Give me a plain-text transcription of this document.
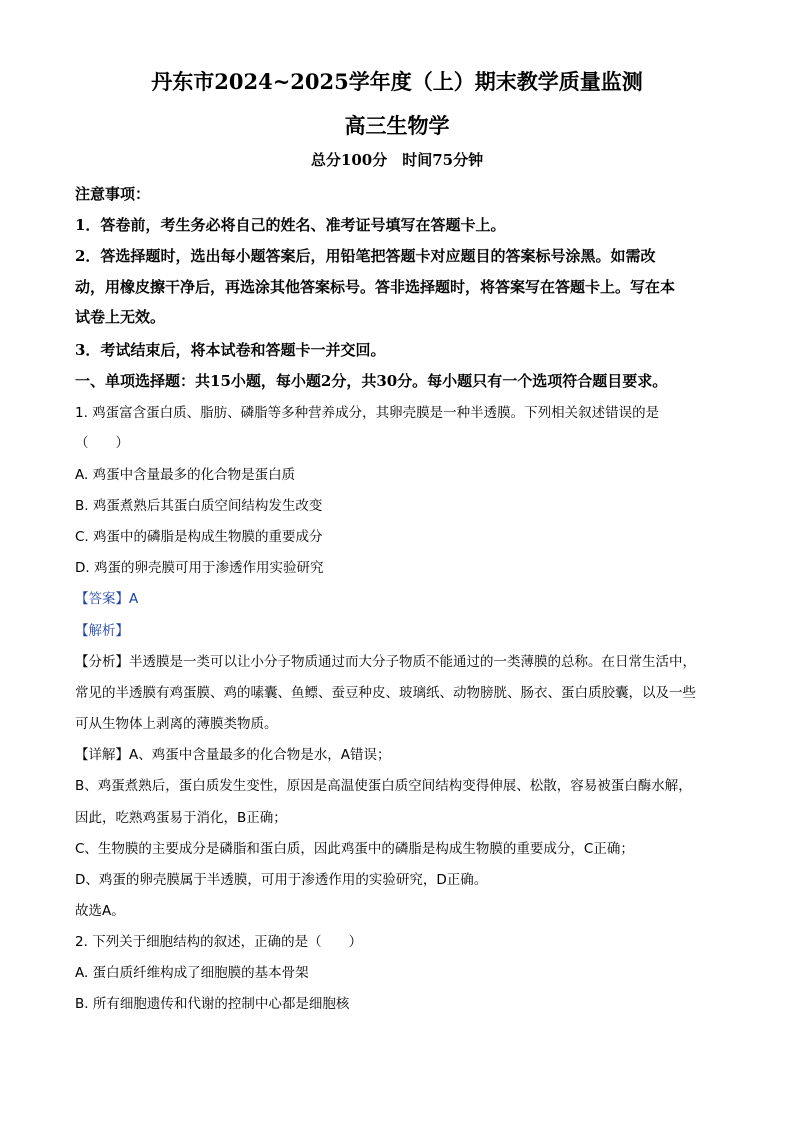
丹东市2024~2025学年度（上）期末教学质量监测
高三生物学
总分100分　时间75分钟
注意事项：
1．答卷前，考生务必将自己的姓名、准考证号填写在答题卡上。
2．答选择题时，选出每小题答案后，用铅笔把答题卡对应题目的答案标号涂黑。如需改
动，用橡皮擦干净后，再选涂其他答案标号。答非选择题时，将答案写在答题卡上。写在本
试卷上无效。
3．考试结束后，将本试卷和答题卡一并交回。
一、单项选择题：共15小题，每小题2分，共30分。每小题只有一个选项符合题目要求。
1. 鸡蛋富含蛋白质、脂肪、磷脂等多种营养成分，其卵壳膜是一种半透膜。下列相关叙述错误的是
（　　）
A. 鸡蛋中含量最多的化合物是蛋白质
B. 鸡蛋煮熟后其蛋白质空间结构发生改变
C. 鸡蛋中的磷脂是构成生物膜的重要成分
D. 鸡蛋的卵壳膜可用于渗透作用实验研究
【答案】A
【解析】
【分析】半透膜是一类可以让小分子物质通过而大分子物质不能通过的一类薄膜的总称。在日常生活中，
常见的半透膜有鸡蛋膜、鸡的嗉囊、鱼鳔、蚕豆种皮、玻璃纸、动物膀胱、肠衣、蛋白质胶囊，以及一些
可从生物体上剥离的薄膜类物质。
【详解】A、鸡蛋中含量最多的化合物是水，A错误；
B、鸡蛋煮熟后，蛋白质发生变性，原因是高温使蛋白质空间结构变得伸展、松散，容易被蛋白酶水解，
因此，吃熟鸡蛋易于消化，B正确；
C、生物膜的主要成分是磷脂和蛋白质，因此鸡蛋中的磷脂是构成生物膜的重要成分，C正确；
D、鸡蛋的卵壳膜属于半透膜，可用于渗透作用的实验研究，D正确。
故选A。
2. 下列关于细胞结构的叙述，正确的是（　　）
A. 蛋白质纤维构成了细胞膜的基本骨架
B. 所有细胞遗传和代谢的控制中心都是细胞核
